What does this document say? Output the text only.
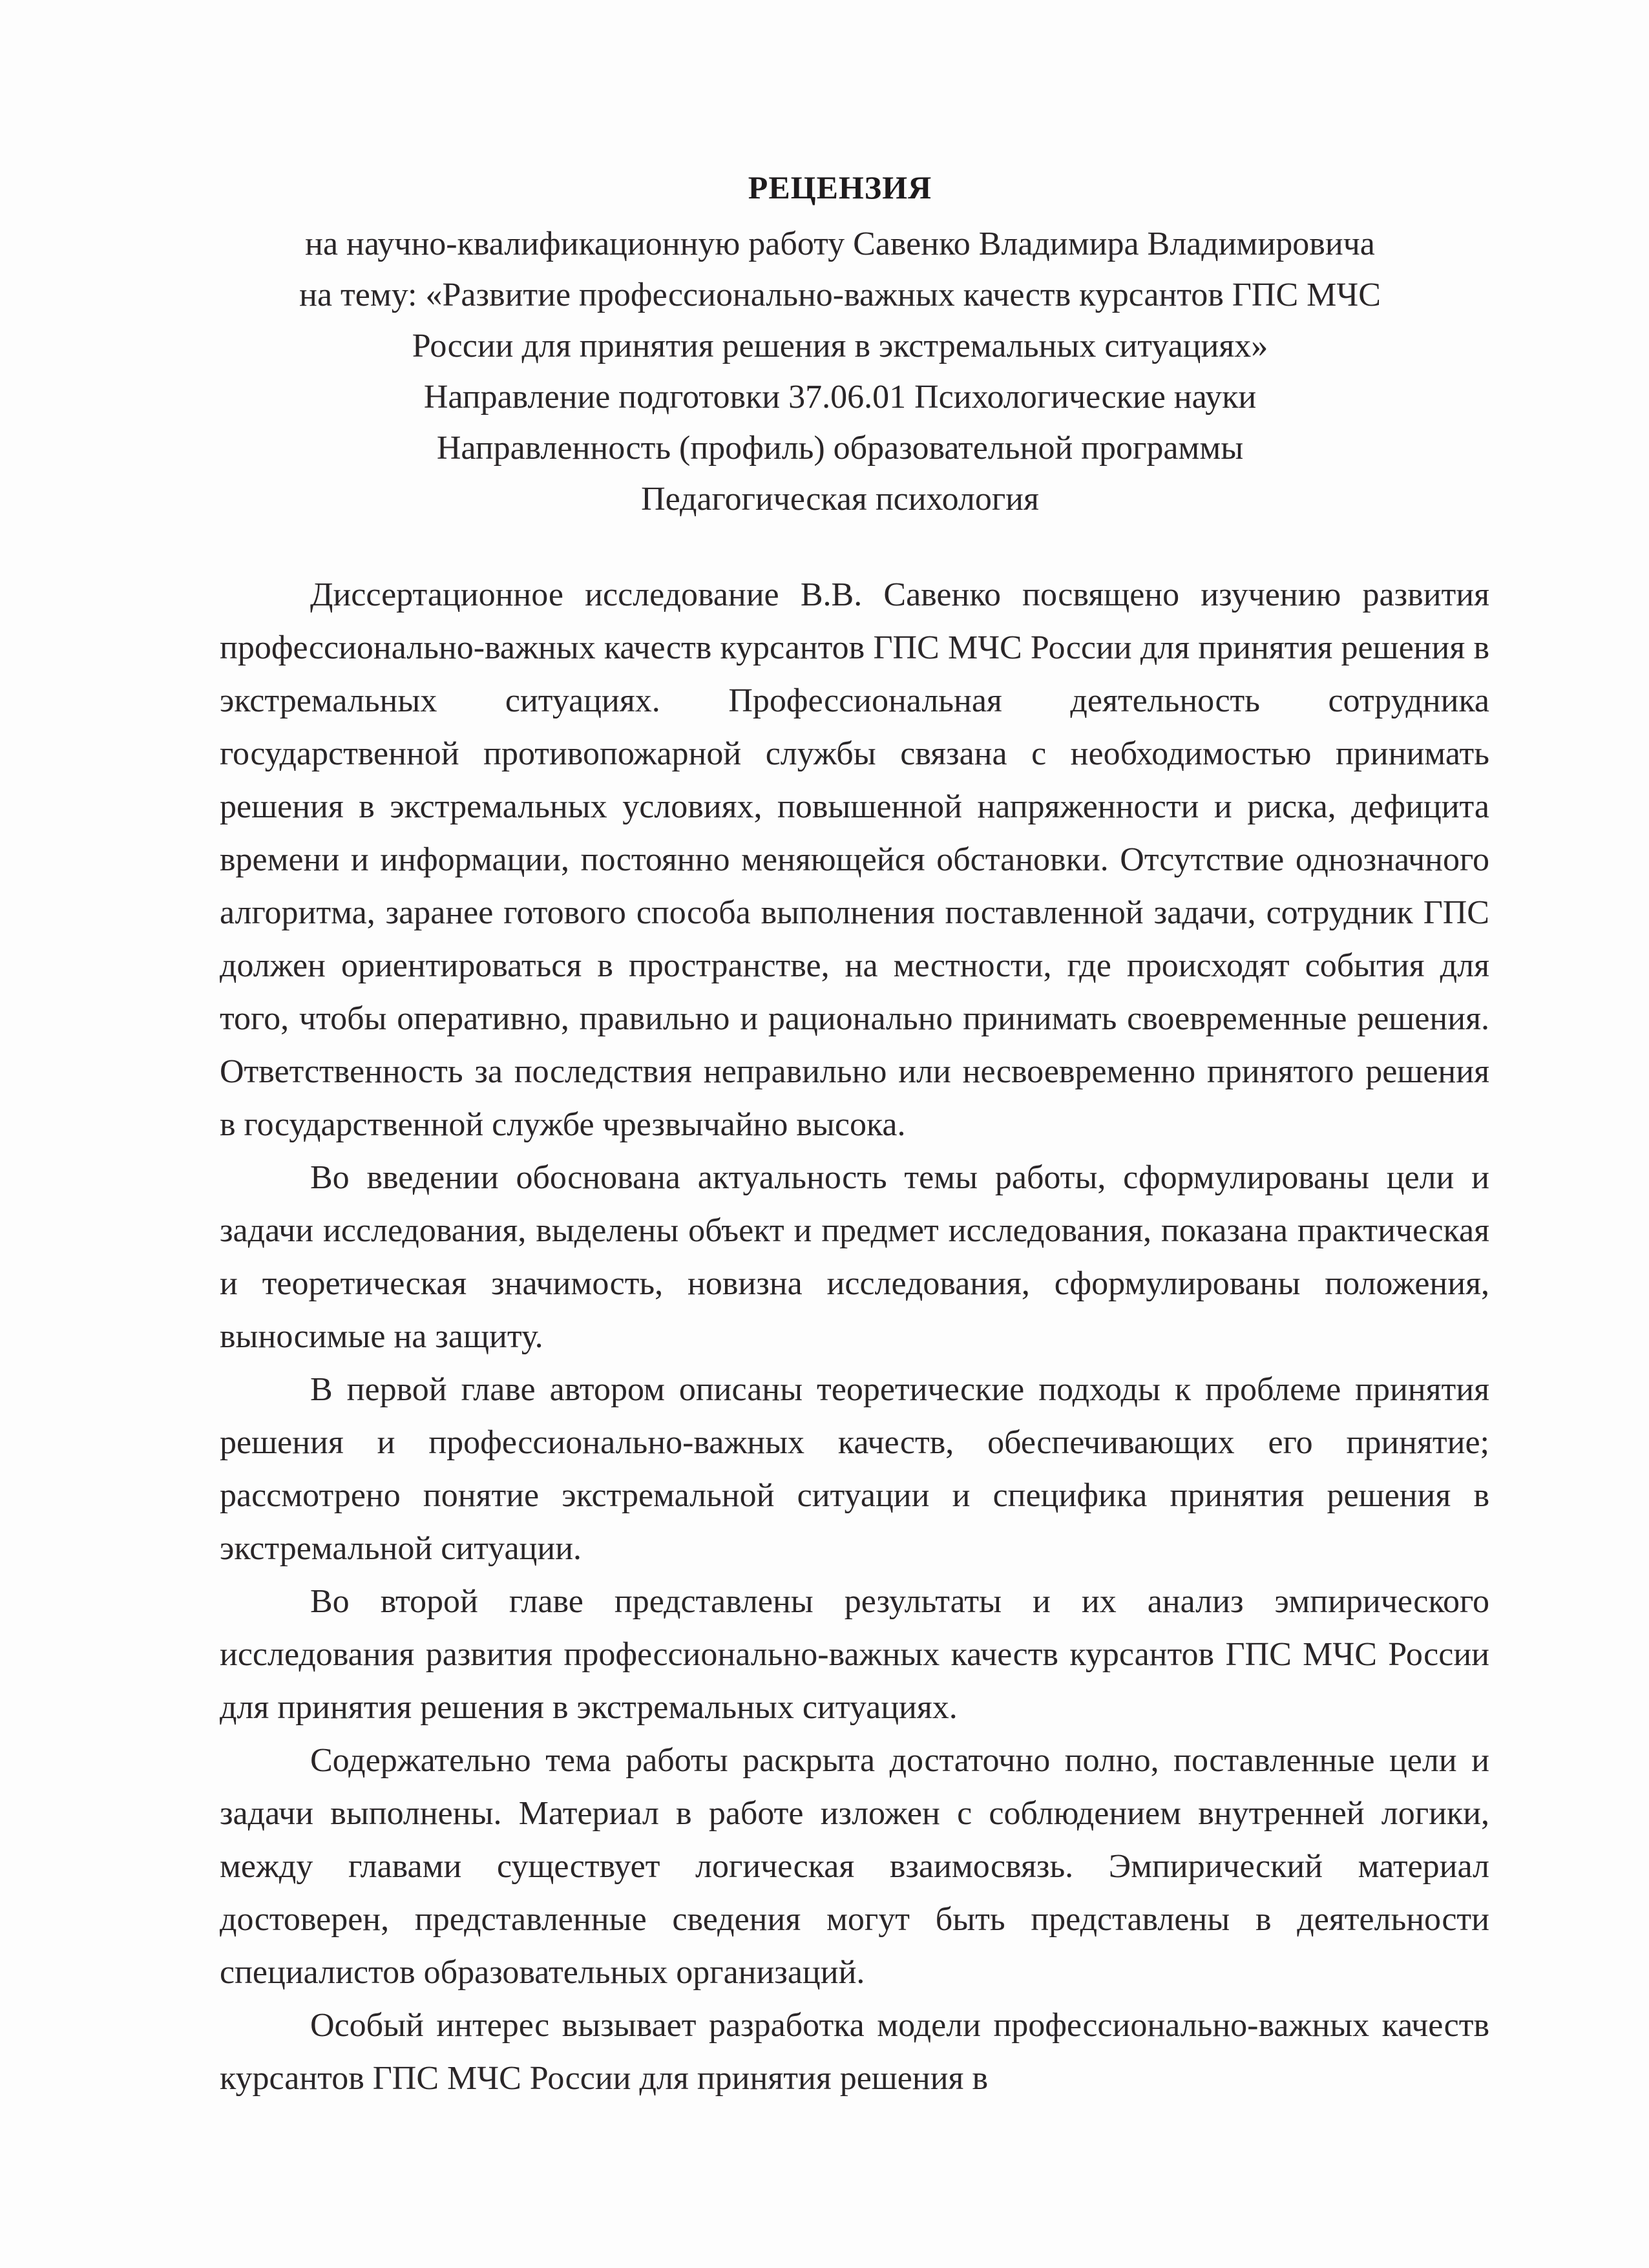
РЕЦЕНЗИЯ

на научно-квалификационную работу Савенко Владимира Владимировича

на тему: «Развитие профессионально-важных качеств курсантов ГПС МЧС

России для принятия решения в экстремальных ситуациях»

Направление подготовки 37.06.01 Психологические науки

Направленность (профиль) образовательной программы

Педагогическая психология

Диссертационное исследование В.В. Савенко посвящено изучению развития профессионально-важных качеств курсантов ГПС МЧС России для принятия решения в экстремальных ситуациях. Профессиональная деятельность сотрудника государственной противопожарной службы связана с необходимостью принимать решения в экстремальных условиях, повышенной напряженности и риска, дефицита времени и информации, постоянно меняющейся обстановки. Отсутствие однозначного алгоритма, заранее готового способа выполнения поставленной задачи, сотрудник ГПС должен ориентироваться в пространстве, на местности, где происходят события для того, чтобы оперативно, правильно и рационально принимать своевременные решения. Ответственность за последствия неправильно или несвоевременно принятого решения в государственной службе чрезвычайно высока.

Во введении обоснована актуальность темы работы, сформулированы цели и задачи исследования, выделены объект и предмет исследования, показана практическая и теоретическая значимость, новизна исследования, сформулированы положения, выносимые на защиту.

В первой главе автором описаны теоретические подходы к проблеме принятия решения и профессионально-важных качеств, обеспечивающих его принятие; рассмотрено понятие экстремальной ситуации и специфика принятия решения в экстремальной ситуации.

Во второй главе представлены результаты и их анализ эмпирического исследования развития профессионально-важных качеств курсантов ГПС МЧС России для принятия решения в экстремальных ситуациях.

Содержательно тема работы раскрыта достаточно полно, поставленные цели и задачи выполнены. Материал в работе изложен с соблюдением внутренней логики, между главами существует логическая взаимосвязь. Эмпирический материал достоверен, представленные сведения могут быть представлены в деятельности специалистов образовательных организаций.

Особый интерес вызывает разработка модели профессионально-важных качеств курсантов ГПС МЧС России для принятия решения в
